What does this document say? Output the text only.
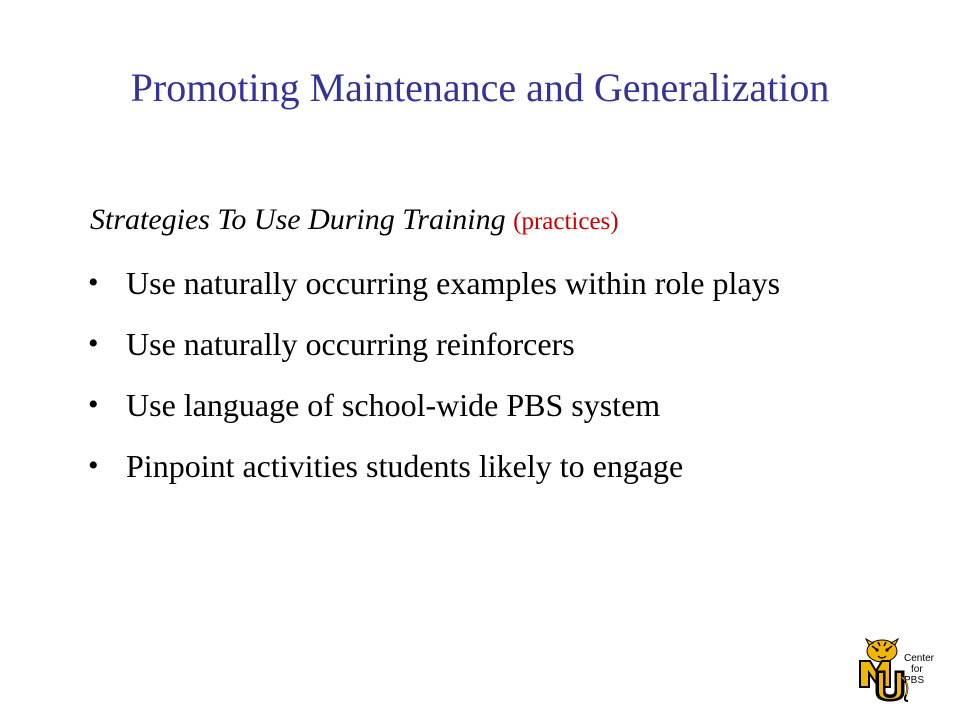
Promoting Maintenance and Generalization
Strategies To Use During Training (practices)
• Use naturally occurring examples within role plays
• Use naturally occurring reinforcers
• Use language of school-wide PBS system
• Pinpoint activities students likely to engage
Center
for
PBS
